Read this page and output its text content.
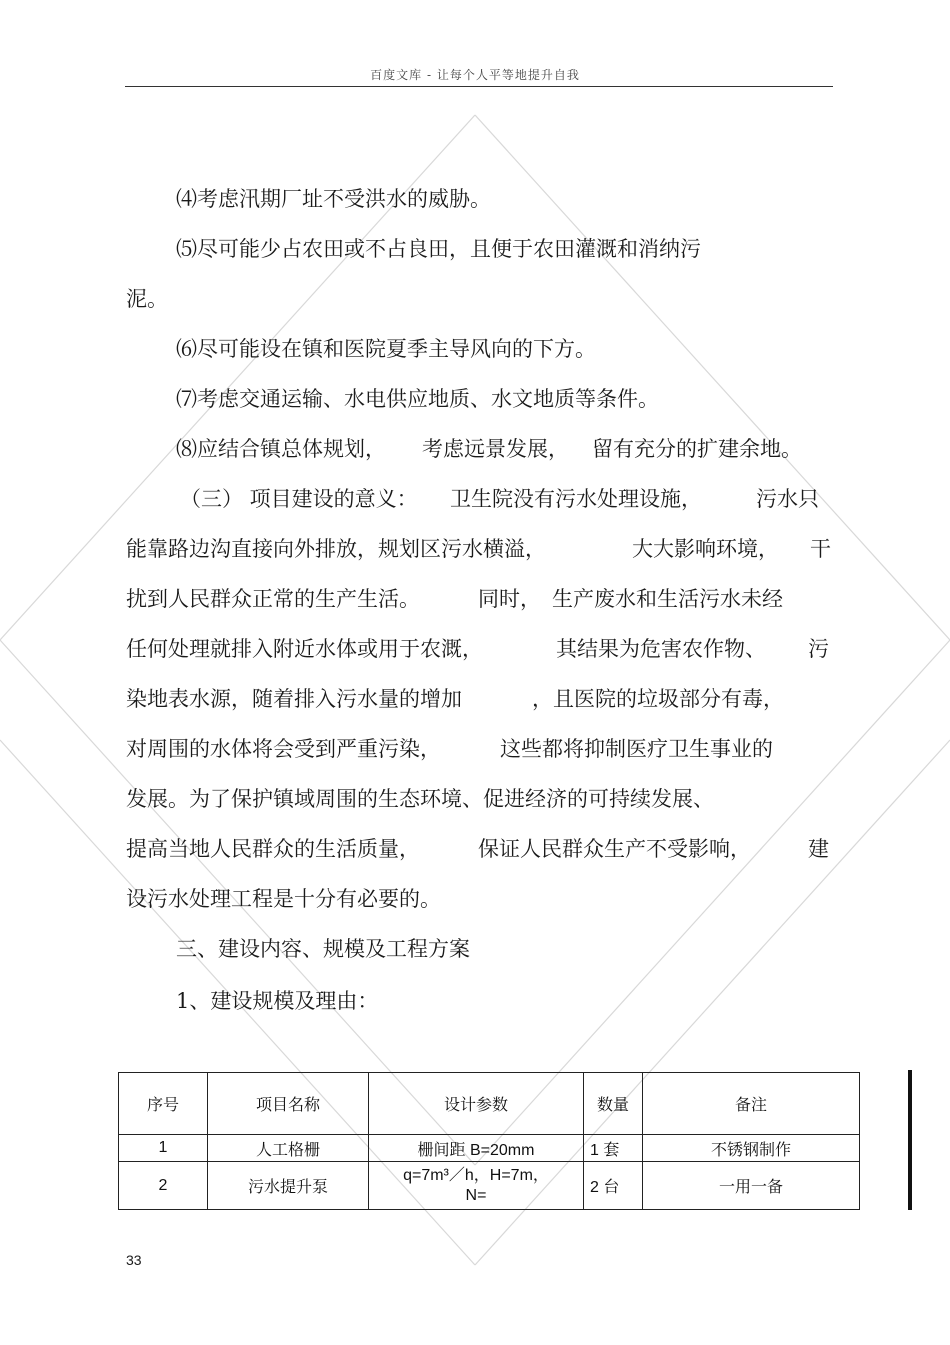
百度文库 - 让每个人平等地提升自我
⑷考虑汛期厂址不受洪水的威胁。
⑸尽可能少占农田或不占良田，且便于农田灌溉和消纳污
泥。
⑹尽可能设在镇和医院夏季主导风向的下方。
⑺考虑交通运输、水电供应地质、水文地质等条件。
⑻应结合镇总体规划， 考虑远景发展， 留有充分的扩建余地。
（三） 项目建设的意义： 卫生院没有污水处理设施，	污水只
能靠路边沟直接向外排放，规划区污水横溢，	大大影响环境， 干
扰到人民群众正常的生产生活。	同时， 生产废水和生活污水未经
任何处理就排入附近水体或用于农溉，	其结果为危害农作物、 污
染地表水源，随着排入污水量的增加	，且医院的垃圾部分有毒，
对周围的水体将会受到严重污染，	这些都将抑制医疗卫生事业的
发展。为了保护镇域周围的生态环境、促进经济的可持续发展、
提高当地人民群众的生活质量，	保证人民群众生产不受影响，	建
设污水处理工程是十分有必要的。
三、建设内容、规模及工程方案
1、建设规模及理由：
序号	项目名称	设计参数	数量	备注
1	人工格栅	栅间距 B=20mm	1 套	不锈钢制作
2	污水提升泵	q=7m³／h，H=7m，N=	2 台	一用一备
33
